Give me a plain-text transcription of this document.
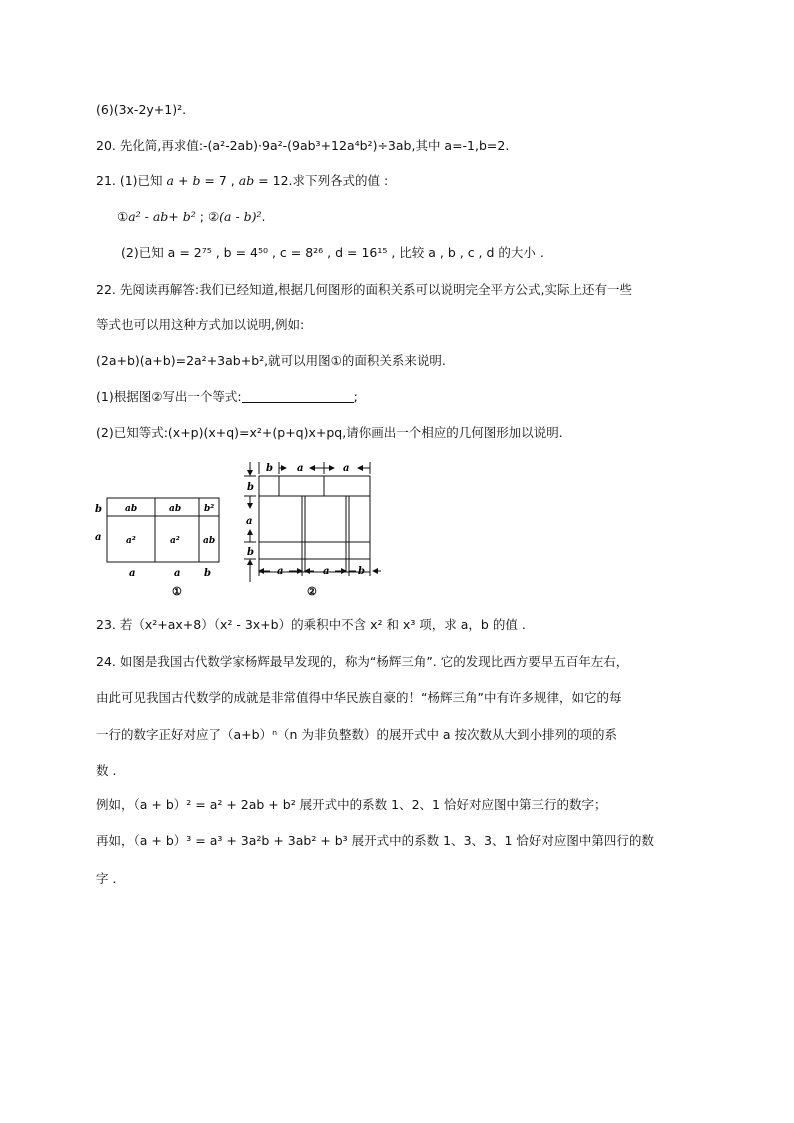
(6)(3x-2y+1)².
20. 先化简,再求值:-(a²-2ab)·9a²-(9ab³+12a⁴b²)÷3ab,其中 a=-1,b=2.
21. (1)已知 a + b = 7 , ab = 12.求下列各式的值 :
①a² - ab+ b² ; ②(a - b)².
(2)已知 a = 2⁷⁵ , b = 4⁵⁰ , c = 8²⁶ , d = 16¹⁵ , 比较 a , b , c , d 的大小 .
22. 先阅读再解答:我们已经知道,根据几何图形的面积关系可以说明完全平方公式,实际上还有一些
等式也可以用这种方式加以说明,例如:
(2a+b)(a+b)=2a²+3ab+b²,就可以用图①的面积关系来说明.
(1)根据图②写出一个等式:	;
(2)已知等式:(x+p)(x+q)=x²+(p+q)x+pq,请你画出一个相应的几何图形加以说明.
b
a
ab	ab	b²
a²	a²	ab
a	a b
①
b a	a
b
a
b
a	a	b
②
23. 若（x²+ax+8）（x² - 3x+b）的乘积中不含 x² 和 x³ 项，求 a，b 的值 .
24. 如图是我国古代数学家杨辉最早发现的，称为“杨辉三角”. 它的发现比西方要早五百年左右，
由此可见我国古代数学的成就是非常值得中华民族自豪的！“杨辉三角”中有许多规律，如它的每
一行的数字正好对应了（a+b）ⁿ（n 为非负整数）的展开式中 a 按次数从大到小排列的项的系
数 .
例如，（a + b）² = a² + 2ab + b² 展开式中的系数 1、2、1 恰好对应图中第三行的数字；
再如，（a + b）³ = a³ + 3a²b + 3ab² + b³ 展开式中的系数 1、3、3、1 恰好对应图中第四行的数
字 .
